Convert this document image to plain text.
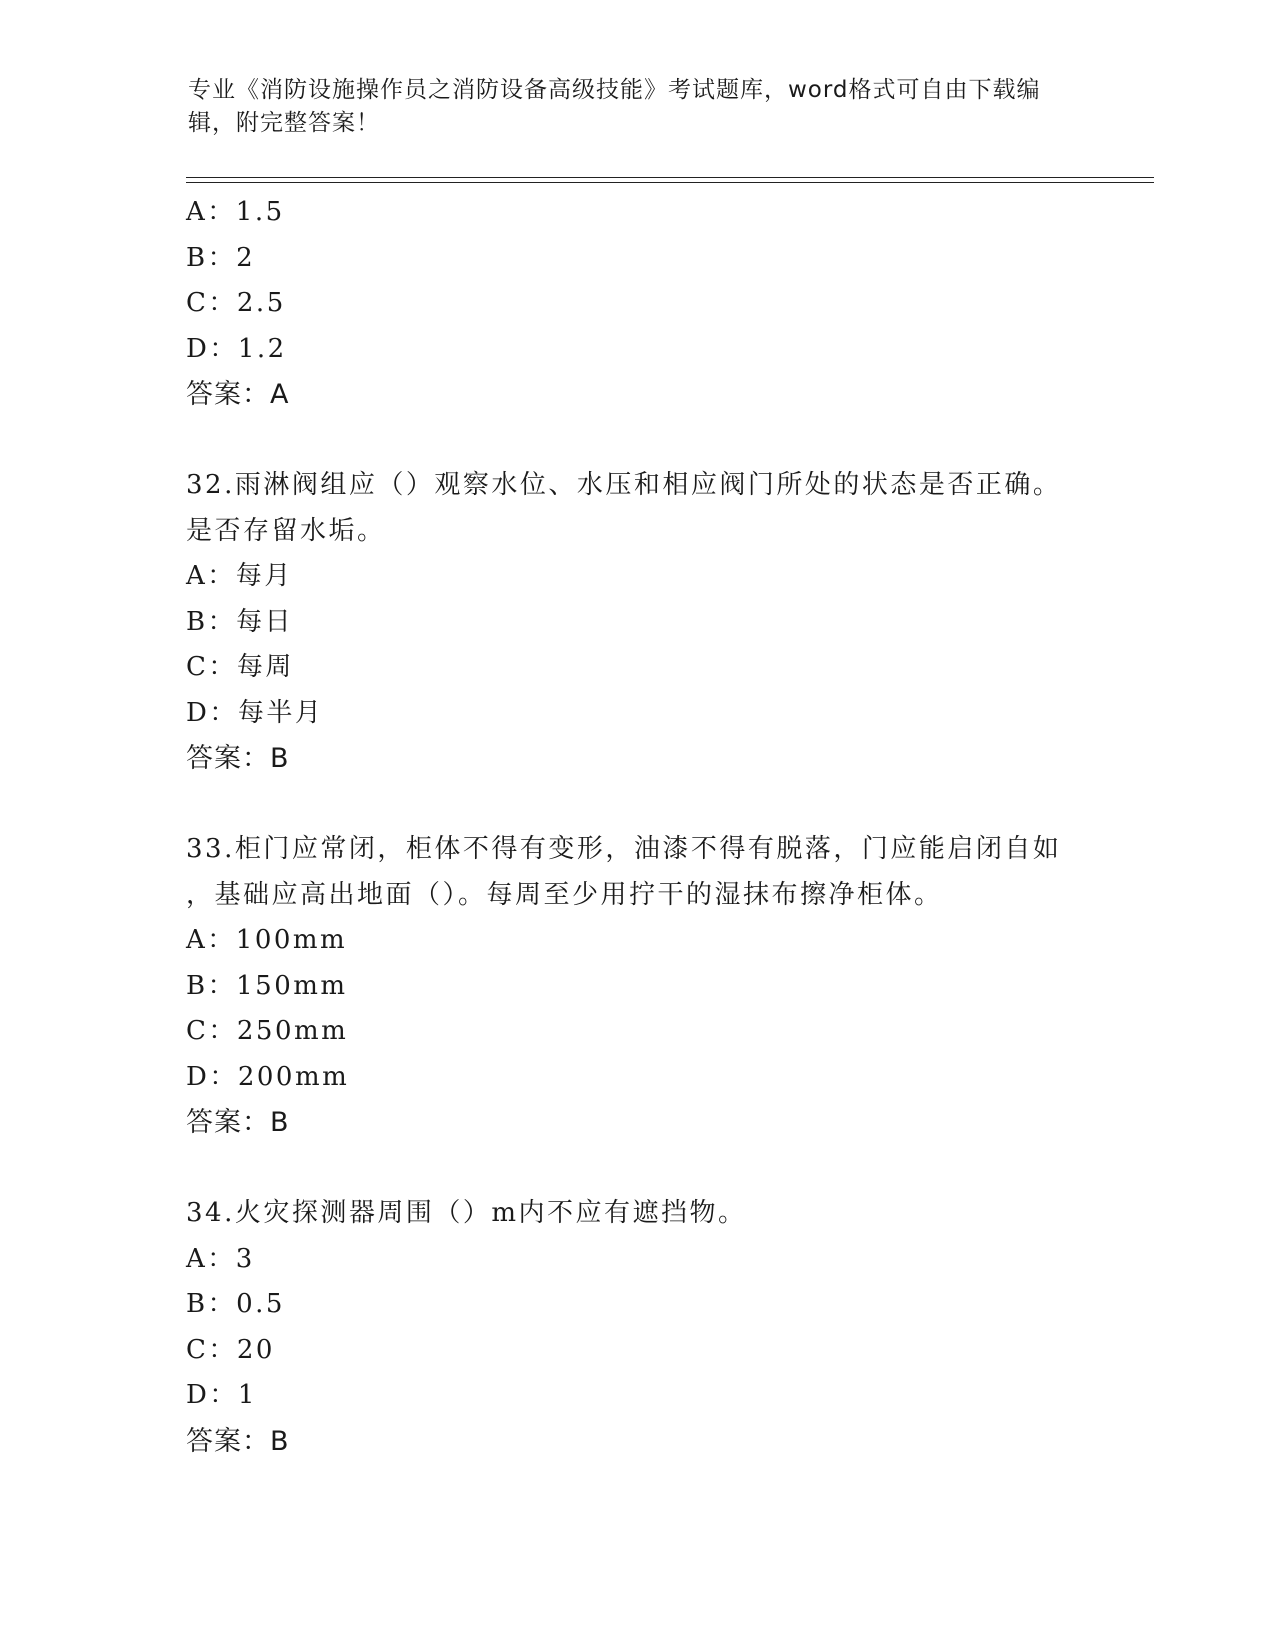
专业《消防设施操作员之消防设备高级技能》考试题库，word格式可自由下载编
辑，附完整答案！
A：1.5
B：2
C：2.5
D：1.2
答案：A
32.雨淋阀组应（）观察水位、水压和相应阀门所处的状态是否正确。
是否存留水垢。
A：每月
B：每日
C：每周
D：每半月
答案：B
33.柜门应常闭，柜体不得有变形，油漆不得有脱落，门应能启闭自如
，基础应高出地面（）。每周至少用拧干的湿抹布擦净柜体。
A：100mm
B：150mm
C：250mm
D：200mm
答案：B
34.火灾探测器周围（）m内不应有遮挡物。
A：3
B：0.5
C：20
D：1
答案：B
